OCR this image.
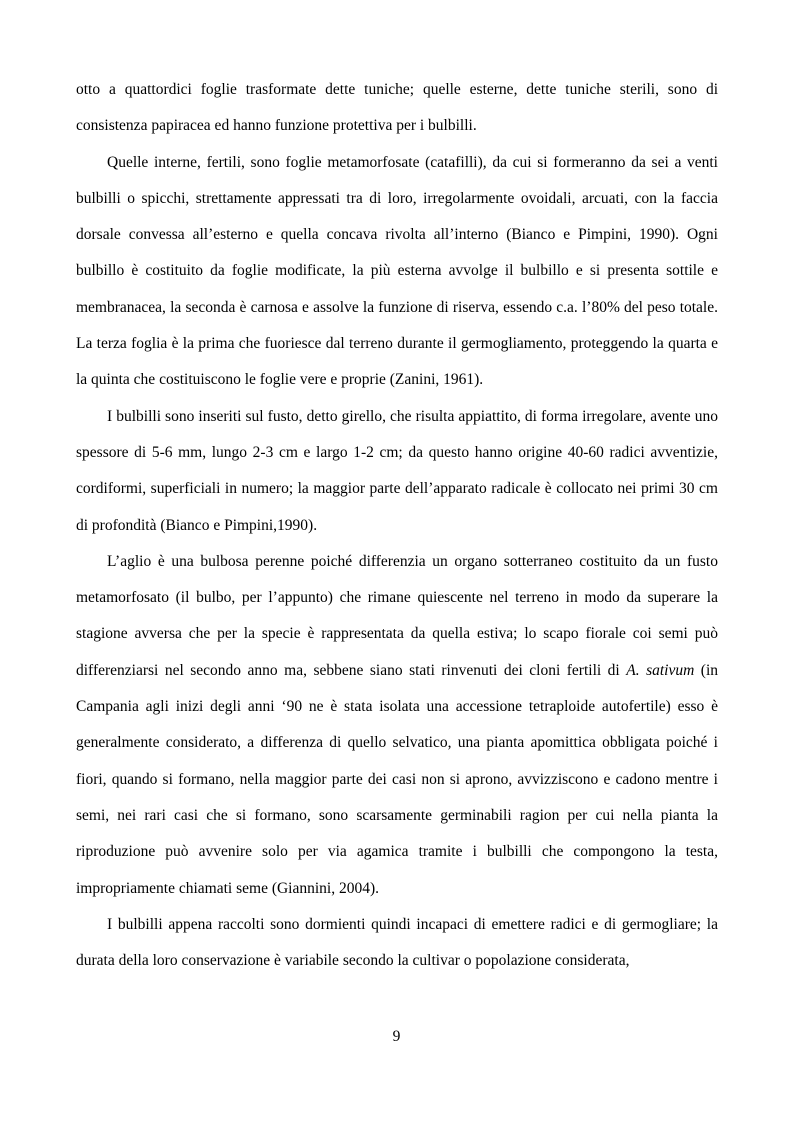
otto a quattordici foglie trasformate dette tuniche; quelle esterne, dette tuniche sterili, sono di consistenza papiracea ed hanno funzione protettiva per i bulbilli.

Quelle interne, fertili, sono foglie metamorfosate (catafilli), da cui si formeranno da sei a venti bulbilli o spicchi, strettamente appressati tra di loro, irregolarmente ovoidali, arcuati, con la faccia dorsale convessa all’esterno e quella concava rivolta all’interno (Bianco e Pimpini, 1990). Ogni bulbillo è costituito da foglie modificate, la più esterna avvolge il bulbillo e si presenta sottile e membranacea, la seconda è carnosa e assolve la funzione di riserva, essendo c.a. l’80% del peso totale. La terza foglia è la prima che fuoriesce dal terreno durante il germogliamento, proteggendo la quarta e la quinta che costituiscono le foglie vere e proprie (Zanini, 1961).

I bulbilli sono inseriti sul fusto, detto girello, che risulta appiattito, di forma irregolare, avente uno spessore di 5-6 mm, lungo 2-3 cm e largo 1-2 cm; da questo hanno origine 40-60 radici avventizie, cordiformi, superficiali in numero; la maggior parte dell’apparato radicale è collocato nei primi 30 cm di profondità (Bianco e Pimpini,1990).

L’aglio è una bulbosa perenne poiché differenzia un organo sotterraneo costituito da un fusto metamorfosato (il bulbo, per l’appunto) che rimane quiescente nel terreno in modo da superare la stagione avversa che per la specie è rappresentata da quella estiva; lo scapo fiorale coi semi può differenziarsi nel secondo anno ma, sebbene siano stati rinvenuti dei cloni fertili di A. sativum (in Campania agli inizi degli anni ‘90 ne è stata isolata una accessione tetraploide autofertile) esso è generalmente considerato, a differenza di quello selvatico, una pianta apomittica obbligata poiché i fiori, quando si formano, nella maggior parte dei casi non si aprono, avvizziscono e cadono mentre i semi, nei rari casi che si formano, sono scarsamente germinabili ragion per cui nella pianta la riproduzione può avvenire solo per via agamica tramite i bulbilli che compongono la testa, impropriamente chiamati seme (Giannini, 2004).

I bulbilli appena raccolti sono dormienti quindi incapaci di emettere radici e di germogliare; la durata della loro conservazione è variabile secondo la cultivar o popolazione considerata,

9
